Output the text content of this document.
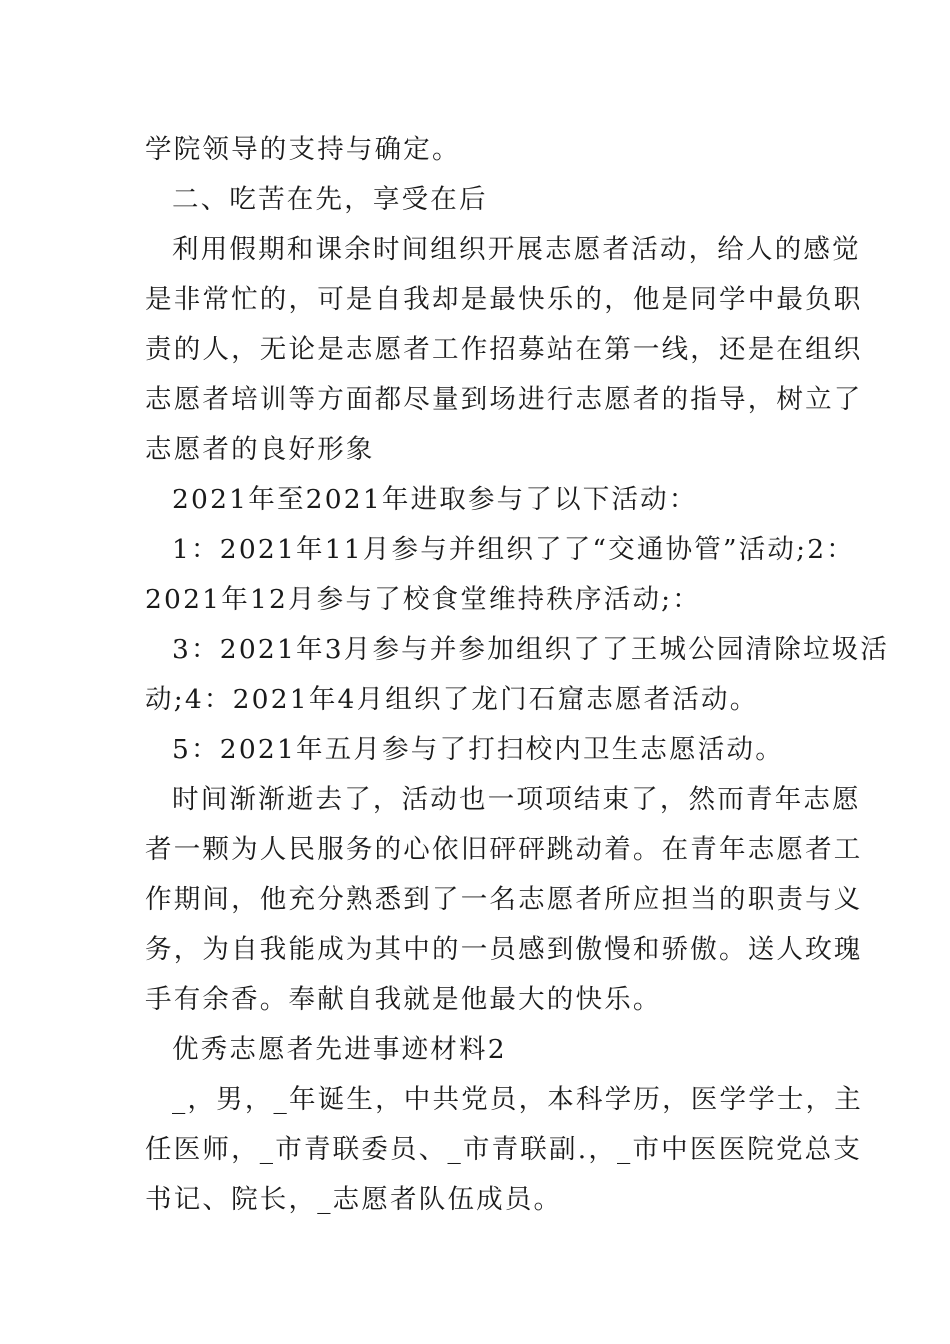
学院领导的支持与确定。
二、吃苦在先，享受在后
利用假期和课余时间组织开展志愿者活动，给人的感觉
是非常忙的，可是自我却是最快乐的，他是同学中最负职
责的人，无论是志愿者工作招募站在第一线，还是在组织
志愿者培训等方面都尽量到场进行志愿者的指导，树立了
志愿者的良好形象
2021年至2021年进取参与了以下活动：
1：2021年11月参与并组织了了“交通协管”活动;2：
2021年12月参与了校食堂维持秩序活动;：
3：2021年3月参与并参加组织了了王城公园清除垃圾活
动;4：2021年4月组织了龙门石窟志愿者活动。
5：2021年五月参与了打扫校内卫生志愿活动。
时间渐渐逝去了，活动也一项项结束了，然而青年志愿
者一颗为人民服务的心依旧砰砰跳动着。在青年志愿者工
作期间，他充分熟悉到了一名志愿者所应担当的职责与义
务，为自我能成为其中的一员感到傲慢和骄傲。送人玫瑰
手有余香。奉献自我就是他最大的快乐。
优秀志愿者先进事迹材料2
_，男，_年诞生，中共党员，本科学历，医学学士，主
任医师，_市青联委员、_市青联副.，_市中医医院党总支
书记、院长，_志愿者队伍成员。
